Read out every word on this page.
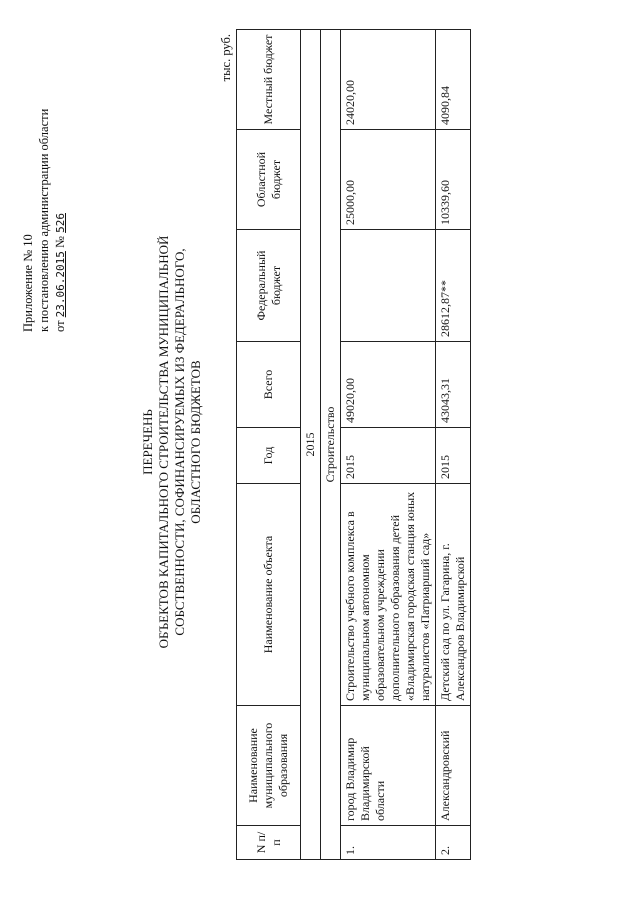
Приложение № 10 к постановлению администрации области от 23.06.2015 № 526
ПЕРЕЧЕНЬ ОБЪЕКТОВ КАПИТАЛЬНОГО СТРОИТЕЛЬСТВА МУНИЦИПАЛЬНОЙ СОБСТВЕННОСТИ, СОФИНАНСИРУЕМЫХ ИЗ ФЕДЕРАЛЬНОГО, ОБЛАСТНОГО БЮДЖЕТОВ
тыс. руб.
N п/п	Наименование муниципального образования	Наименование объекта	Год	Всего	Федеральный бюджет	Областной бюджет	Местный бюджет
2015							
Строительство							
1.	город Владимир Владимирской области	Строительство учебного комплекса в муниципальном автономном образовательном учреждении дополнительного образования детей «Владимирская городская станция юных натуралистов «Патриарший сад»	2015	49020,00		25000,00	24020,00
2.	Александровский	Детский сад по ул. Гагарина, г. Александров Владимирской	2015	43043,31	28612,87**	10339,60	4090,84
